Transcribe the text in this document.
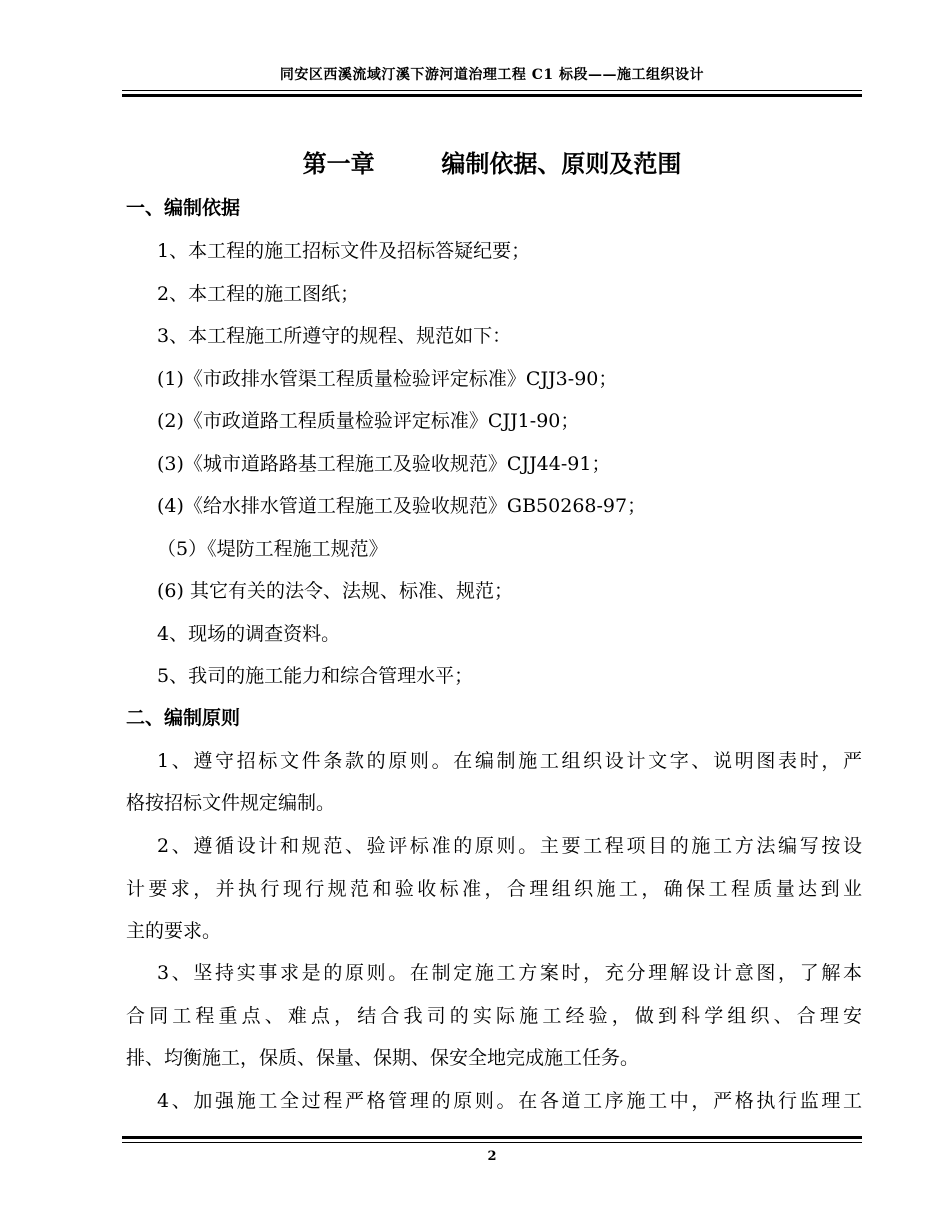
同安区西溪流域汀溪下游河道治理工程 C1 标段——施工组织设计
第一章        编制依据、原则及范围
一、编制依据
1、本工程的施工招标文件及招标答疑纪要；
2、本工程的施工图纸；
3、本工程施工所遵守的规程、规范如下：
(1)《市政排水管渠工程质量检验评定标准》CJJ3-90；
(2)《市政道路工程质量检验评定标准》CJJ1-90；
(3)《城市道路路基工程施工及验收规范》CJJ44-91；
(4)《给水排水管道工程施工及验收规范》GB50268-97；
（5）《堤防工程施工规范》
(6) 其它有关的法令、法规、标准、规范；
4、现场的调查资料。
5、我司的施工能力和综合管理水平；
二、编制原则
1、遵守招标文件条款的原则。在编制施工组织设计文字、说明图表时，严
格按招标文件规定编制。
2、遵循设计和规范、验评标准的原则。主要工程项目的施工方法编写按设
计要求，并执行现行规范和验收标准，合理组织施工，确保工程质量达到业
主的要求。
3、坚持实事求是的原则。在制定施工方案时，充分理解设计意图，了解本
合同工程重点、难点，结合我司的实际施工经验，做到科学组织、合理安
排、均衡施工，保质、保量、保期、保安全地完成施工任务。
4、加强施工全过程严格管理的原则。在各道工序施工中，严格执行监理工
2
